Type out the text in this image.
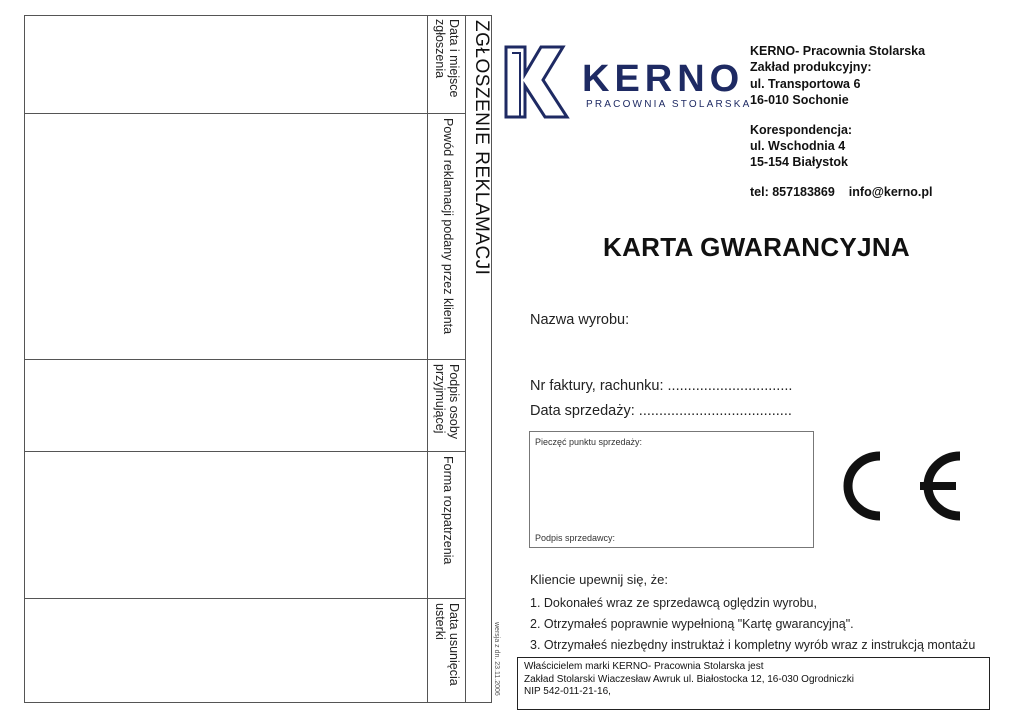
Data i miejsce
zgłoszenia
Powód reklamacji podany przez klienta
Podpis osoby
przyjmującej
Forma rozpatrzenia
Data usunięcia
usterki
ZGŁOSZENIE REKLAMACJI
wersja z dn. 23.11.2006
KERNO
PRACOWNIA STOLARSKA
KERNO- Pracownia Stolarska
Zakład produkcyjny:
ul. Transportowa 6
16-010 Sochonie
Korespondencja:
ul. Wschodnia 4
15-154 Białystok
tel: 857183869 info@kerno.pl
KARTA GWARANCYJNA
Nazwa wyrobu:
Nr faktury, rachunku: ...............................
Data sprzedaży: ......................................
Pieczęć punktu sprzedaży:
Podpis sprzedawcy:
Kliencie upewnij się, że:
1. Dokonałeś wraz ze sprzedawcą oględzin wyrobu,
2. Otrzymałeś poprawnie wypełnioną "Kartę gwarancyjną".
3. Otrzymałeś niezbędny instruktaż i kompletny wyrób wraz z instrukcją montażu
Właścicielem marki KERNO- Pracownia Stolarska jest
Zakład Stolarski Wiaczesław Awruk ul. Białostocka 12, 16-030 Ogrodniczki
NIP 542-011-21-16,
